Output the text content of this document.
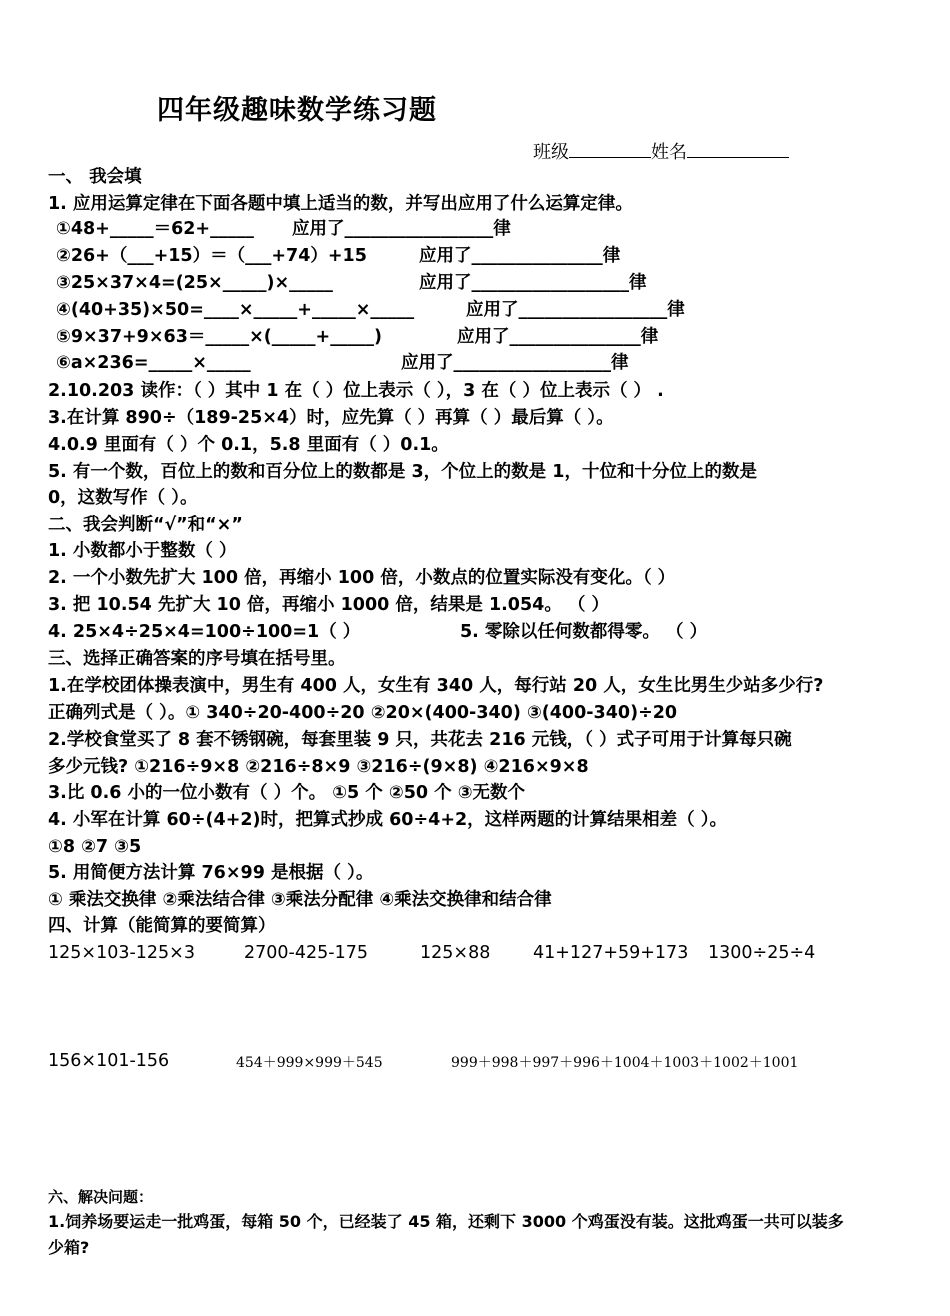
四年级趣味数学练习题
班级	姓名
一、 我会填
1. 应用运算定律在下面各题中填上适当的数，并写出应用了什么运算定律。
①48+_____＝62+_____ 应用了_________________律
②26+（___+15）＝（___+74）+15	应用了_______________律
③25×37×4=(25×_____)×_____	应用了__________________律
④(40+35)×50=____×_____+_____×_____	应用了_________________律
⑤9×37+9×63＝_____×(_____+_____)	应用了_______________律
⑥a×236=_____×_____	应用了__________________律
2.10.203 读作：（ ）其中 1 在（ ）位上表示（ ），3 在（ ）位上表示（ ） .
3.在计算 890÷（189-25×4）时，应先算（ ）再算（ ）最后算（ ）。
4.0.9 里面有（ ）个 0.1，5.8 里面有（ ）0.1。
5. 有一个数，百位上的数和百分位上的数都是 3，个位上的数是 1，十位和十分位上的数是
0，这数写作（ ）。
二、我会判断“√”和“×”
1. 小数都小于整数（ ）
2. 一个小数先扩大 100 倍，再缩小 100 倍，小数点的位置实际没有变化。（ ）
3. 把 10.54 先扩大 10 倍，再缩小 1000 倍，结果是 1.054。 （ ）
4. 25×4÷25×4=100÷100=1（ ）	5. 零除以任何数都得零。 （ ）
三、选择正确答案的序号填在括号里。
1.在学校团体操表演中，男生有 400 人，女生有 340 人，每行站 20 人，女生比男生少站多少行?
正确列式是（ ）。① 340÷20-400÷20 ②20×(400-340) ③(400-340)÷20
2.学校食堂买了 8 套不锈钢碗，每套里装 9 只，共花去 216 元钱，（ ）式子可用于计算每只碗
多少元钱? ①216÷9×8 ②216÷8×9 ③216÷(9×8) ④216×9×8
3.比 0.6 小的一位小数有（ ）个。 ①5 个 ②50 个 ③无数个
4. 小军在计算 60÷(4+2)时，把算式抄成 60÷4+2，这样两题的计算结果相差（ ）。
①8 ②7 ③5
5. 用简便方法计算 76×99 是根据（ ）。
① 乘法交换律 ②乘法结合律 ③乘法分配律 ④乘法交换律和结合律
四、计算（能简算的要简算）
125×103-125×3	2700-425-175	125×88 41+127+59+173 1300÷25÷4
156×101-156	454＋999×999＋545	999＋998＋997＋996＋1004＋1003＋1002＋1001
六、解决问题：
1.饲养场要运走一批鸡蛋，每箱 50 个，已经装了 45 箱，还剩下 3000 个鸡蛋没有装。这批鸡蛋一共可以装多
少箱?
